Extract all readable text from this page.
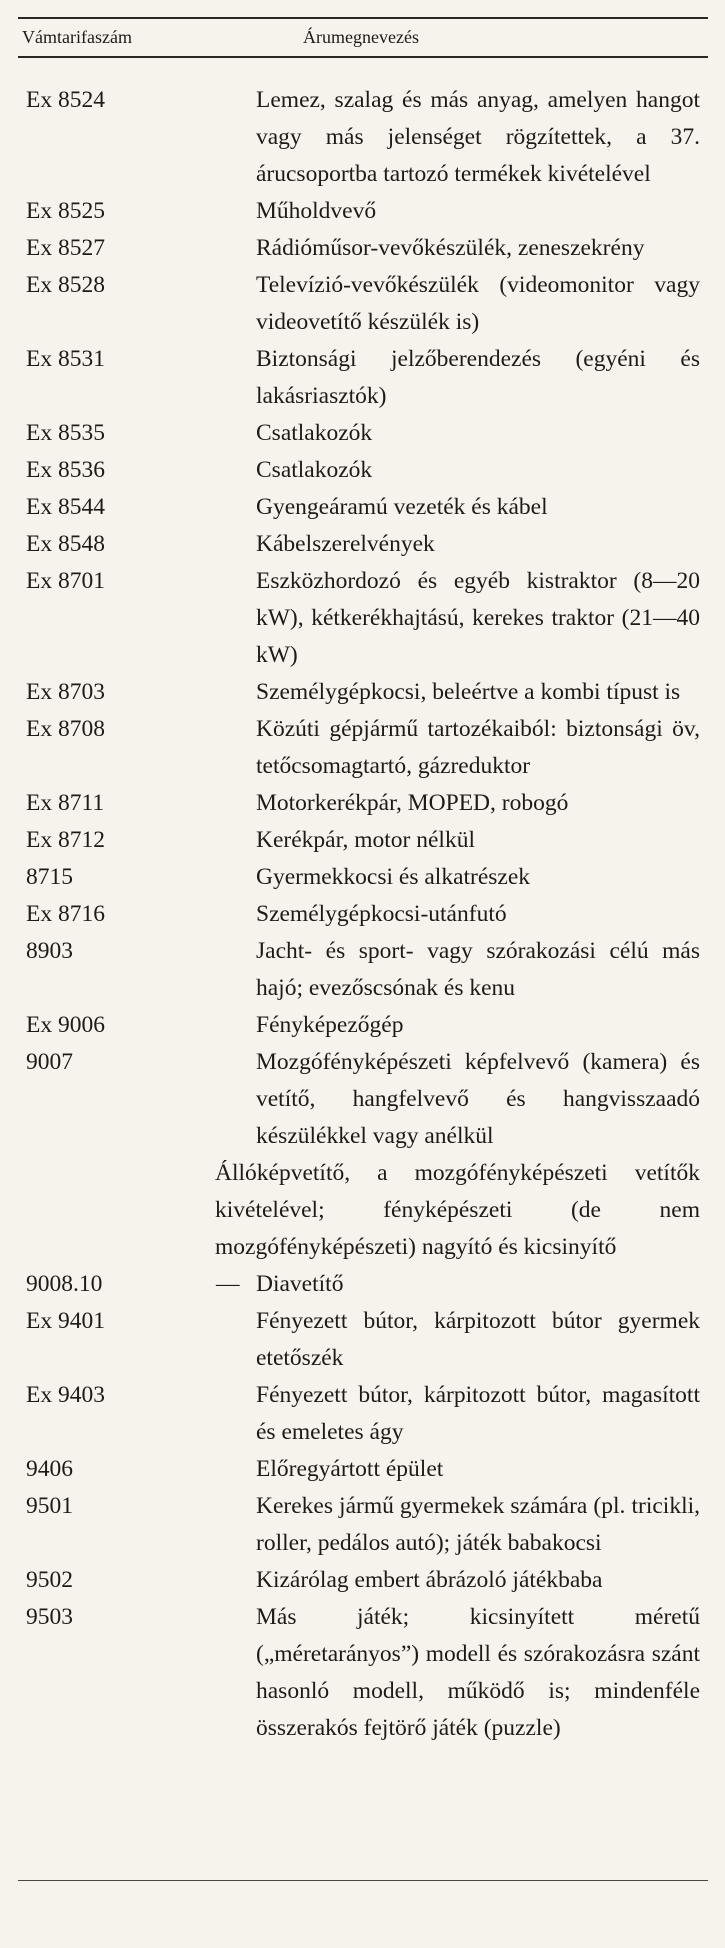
Vámtarifaszám	Árumegnevezés
Ex 8524	Lemez, szalag és más anyag, amelyen hangot vagy más jelenséget rögzítettek, a 37. árucsoportba tartozó termékek kivételével
Ex 8525	Műholdvevő
Ex 8527	Rádióműsor-vevőkészülék, zeneszekrény
Ex 8528	Televízió-vevőkészülék (videomonitor vagy videovetítő készülék is)
Ex 8531	Biztonsági jelzőberendezés (egyéni és lakásriasztók)
Ex 8535	Csatlakozók
Ex 8536	Csatlakozók
Ex 8544	Gyengeáramú vezeték és kábel
Ex 8548	Kábelszerelvények
Ex 8701	Eszközhordozó és egyéb kistraktor (8—20 kW), kétkerékhajtású, kerekes traktor (21—40 kW)
Ex 8703	Személygépkocsi, beleértve a kombi típust is
Ex 8708	Közúti gépjármű tartozékaiból: biztonsági öv, tetőcsomagtartó, gázreduktor
Ex 8711	Motorkerékpár, MOPED, robogó
Ex 8712	Kerékpár, motor nélkül
8715	Gyermekkocsi és alkatrészek
Ex 8716	Személygépkocsi-utánfutó
8903	Jacht- és sport- vagy szórakozási célú más hajó; evezőscsónak és kenu
Ex 9006	Fényképezőgép
9007	Mozgófényképészeti képfelvevő (kamera) és vetítő, hangfelvevő és hangvisszaadó készülékkel vagy anélkül
Állóképvetítő, a mozgófényképészeti vetítők kivételével; fényképészeti (de nem mozgófényképészeti) nagyító és kicsinyítő
9008.10	— Diavetítő
Ex 9401	Fényezett bútor, kárpitozott bútor gyermek etetőszék
Ex 9403	Fényezett bútor, kárpitozott bútor, magasított és emeletes ágy
9406	Előregyártott épület
9501	Kerekes jármű gyermekek számára (pl. tricikli, roller, pedálos autó); játék babakocsi
9502	Kizárólag embert ábrázoló játékbaba
9503	Más játék; kicsinyített méretű („méretarányos”) modell és szórakozásra szánt hasonló modell, működő is; mindenféle összerakós fejtörő játék (puzzle)
